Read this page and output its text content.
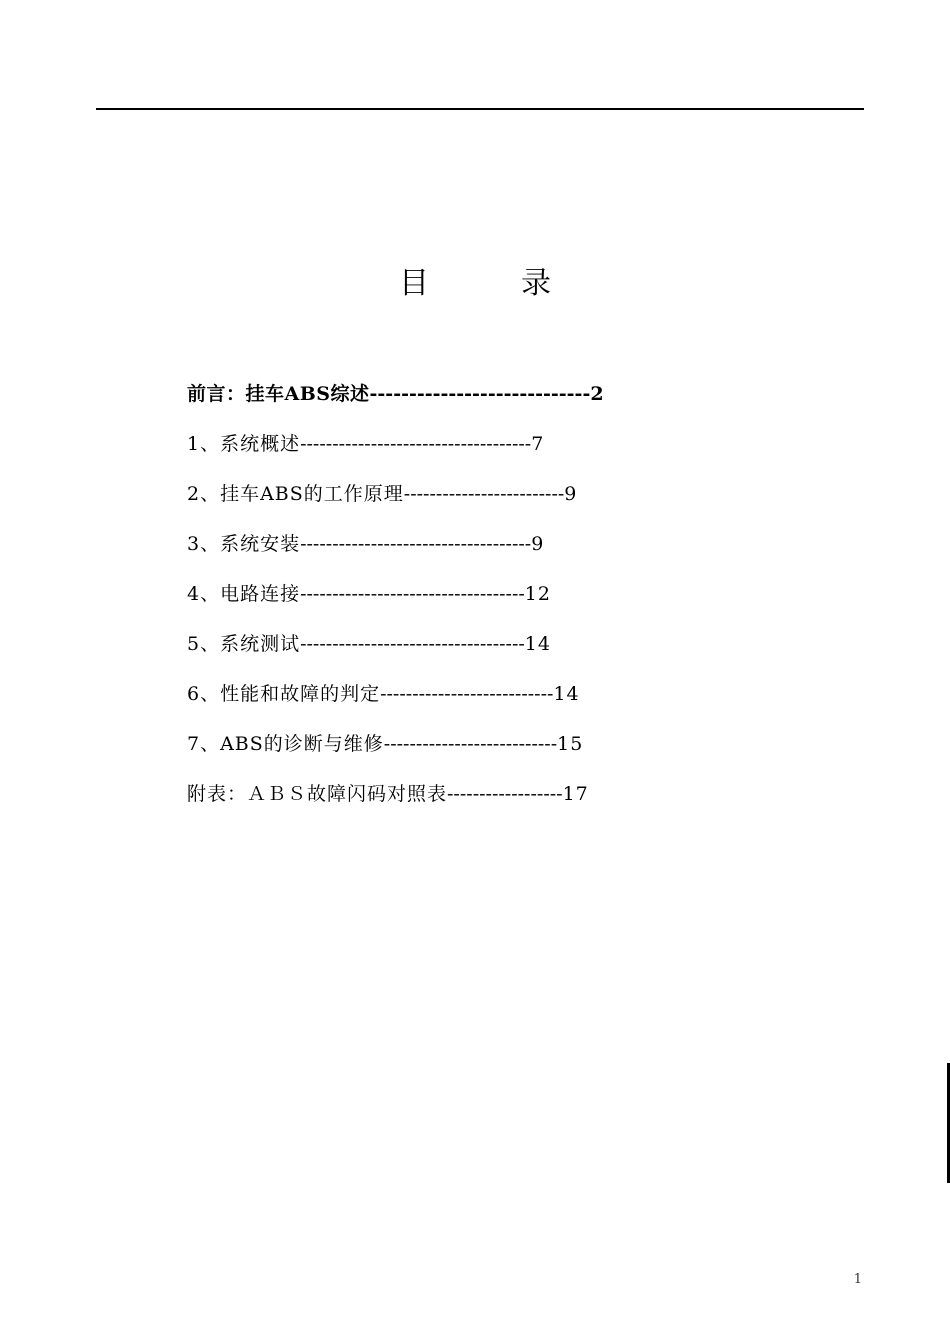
目	录
前言：挂车ABS综述----------------------------2
1、系统概述------------------------------------7
2、挂车ABS的工作原理-------------------------9
3、系统安装------------------------------------9
4、电路连接-----------------------------------12
5、系统测试-----------------------------------14
6、性能和故障的判定---------------------------14
7、ABS的诊断与维修---------------------------15
附表：ＡＢＳ故障闪码对照表------------------17
1
